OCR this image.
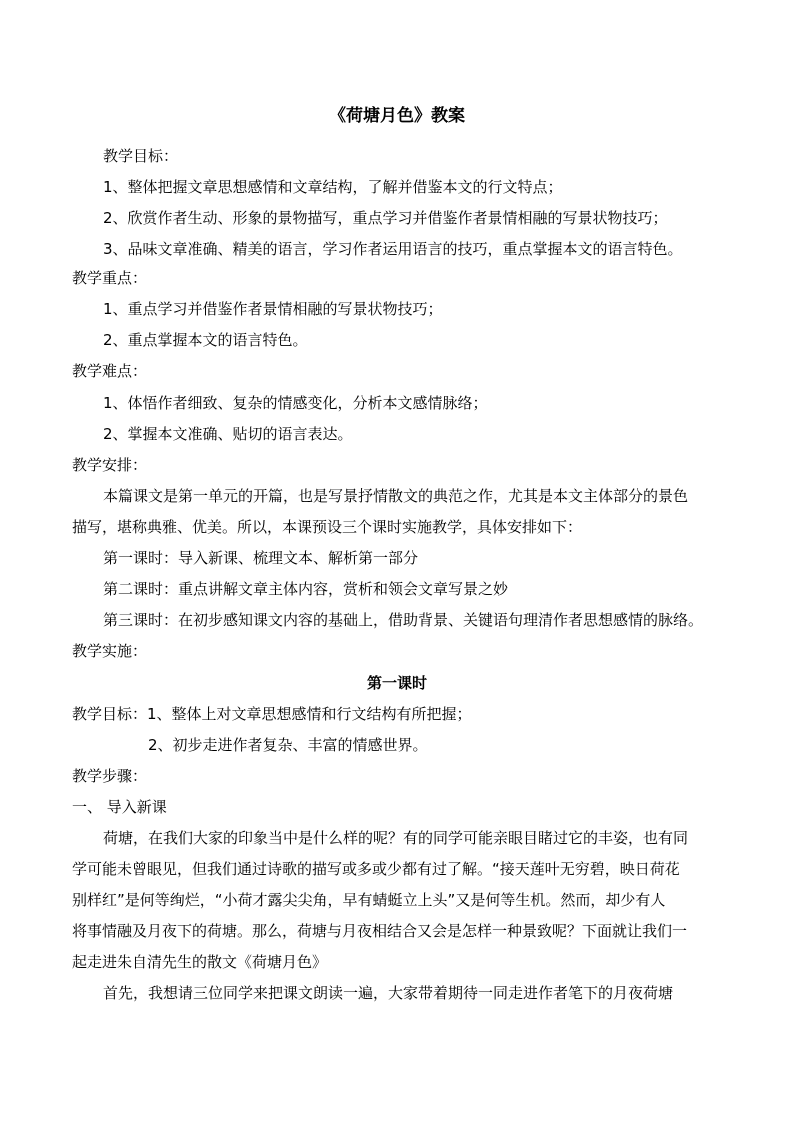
《荷塘月色》教案
教学目标：
1、整体把握文章思想感情和文章结构，了解并借鉴本文的行文特点；
2、欣赏作者生动、形象的景物描写，重点学习并借鉴作者景情相融的写景状物技巧；
3、品味文章准确、精美的语言，学习作者运用语言的技巧，重点掌握本文的语言特色。
教学重点：
1、重点学习并借鉴作者景情相融的写景状物技巧；
2、重点掌握本文的语言特色。
教学难点：
1、体悟作者细致、复杂的情感变化，分析本文感情脉络；
2、掌握本文准确、贴切的语言表达。
教学安排：
本篇课文是第一单元的开篇，也是写景抒情散文的典范之作，尤其是本文主体部分的景色
描写，堪称典雅、优美。所以，本课预设三个课时实施教学，具体安排如下：
第一课时：导入新课、梳理文本、解析第一部分
第二课时：重点讲解文章主体内容，赏析和领会文章写景之妙
第三课时：在初步感知课文内容的基础上，借助背景、关键语句理清作者思想感情的脉络。
教学实施：
第一课时
教学目标：1、整体上对文章思想感情和行文结构有所把握；
2、初步走进作者复杂、丰富的情感世界。
教学步骤：
一、 导入新课
荷塘，在我们大家的印象当中是什么样的呢？有的同学可能亲眼目睹过它的丰姿，也有同
学可能未曾眼见，但我们通过诗歌的描写或多或少都有过了解。“接天莲叶无穷碧，映日荷花
别样红”是何等绚烂，“小荷才露尖尖角，早有蜻蜓立上头”又是何等生机。然而，却少有人
将事情融及月夜下的荷塘。那么，荷塘与月夜相结合又会是怎样一种景致呢？下面就让我们一
起走进朱自清先生的散文《荷塘月色》
首先，我想请三位同学来把课文朗读一遍，大家带着期待一同走进作者笔下的月夜荷塘
